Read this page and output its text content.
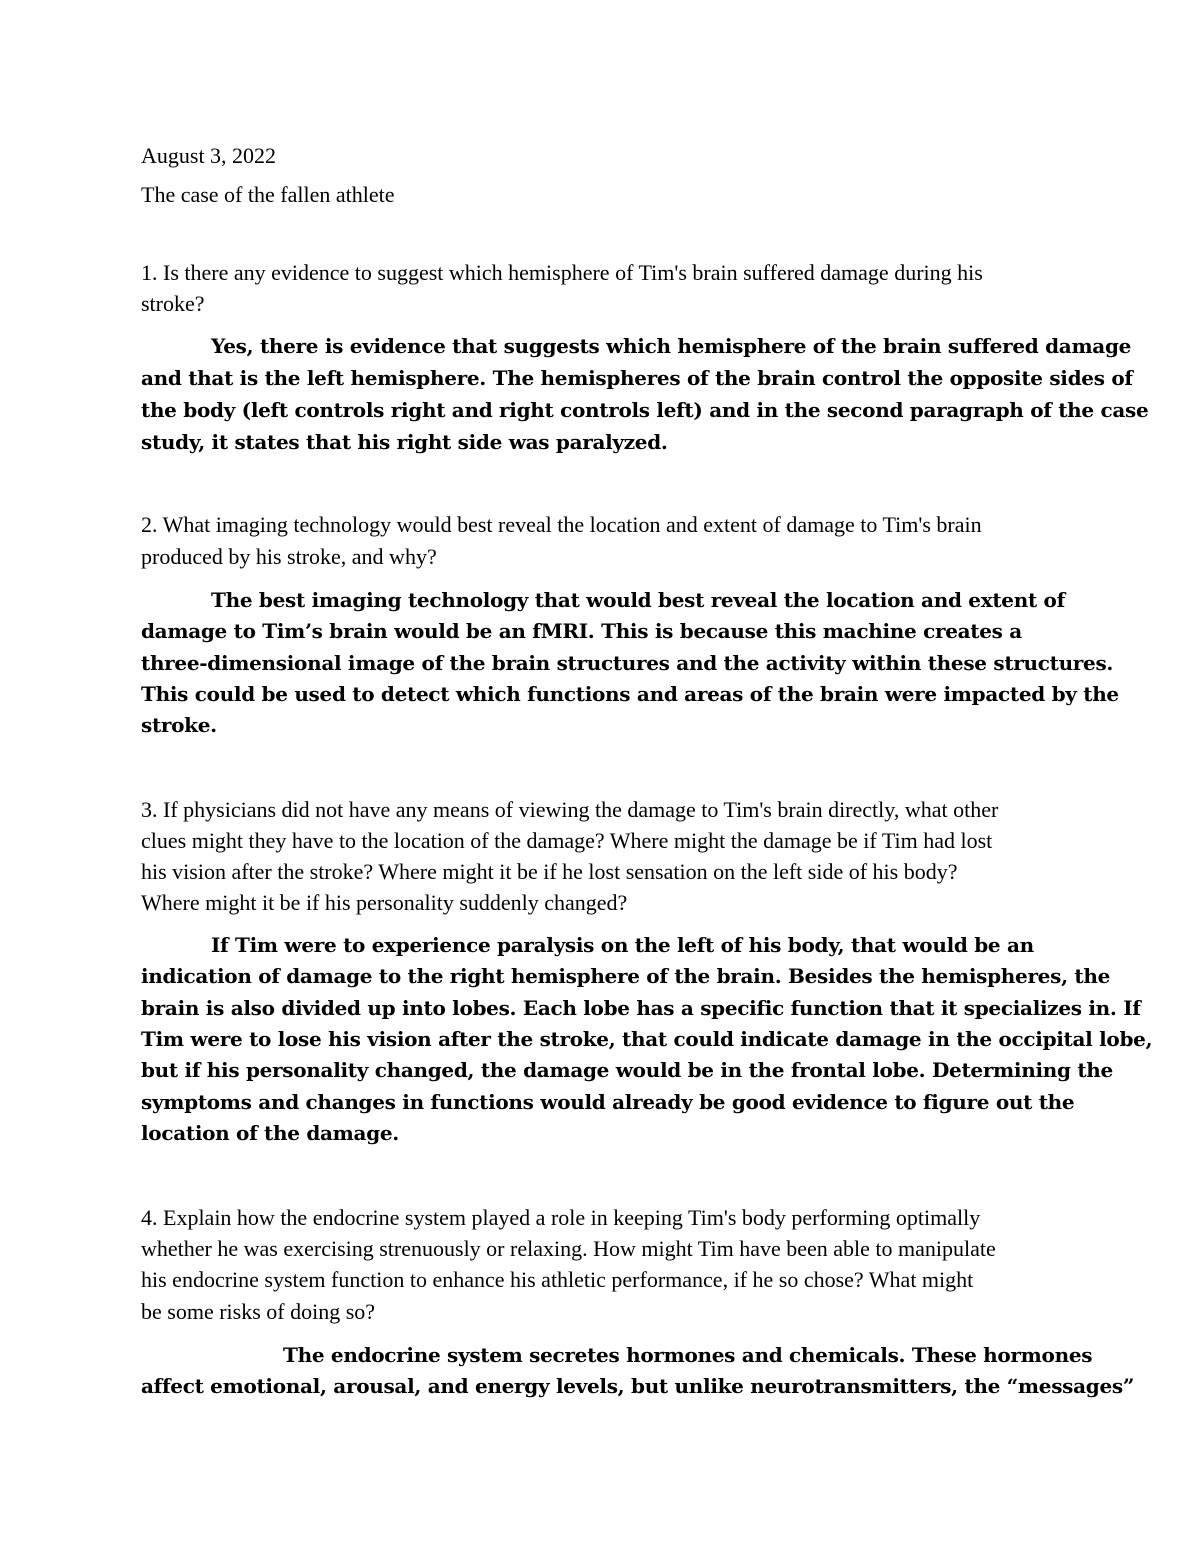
August 3, 2022
The case of the fallen athlete
1. Is there any evidence to suggest which hemisphere of Tim's brain suffered damage during his
stroke?
Yes, there is evidence that suggests which hemisphere of the brain suffered damage
and that is the left hemisphere. The hemispheres of the brain control the opposite sides of
the body (left controls right and right controls left) and in the second paragraph of the case
study, it states that his right side was paralyzed.
2. What imaging technology would best reveal the location and extent of damage to Tim's brain
produced by his stroke, and why?
The best imaging technology that would best reveal the location and extent of
damage to Tim’s brain would be an fMRI. This is because this machine creates a
three-dimensional image of the brain structures and the activity within these structures.
This could be used to detect which functions and areas of the brain were impacted by the
stroke.
3. If physicians did not have any means of viewing the damage to Tim's brain directly, what other
clues might they have to the location of the damage? Where might the damage be if Tim had lost
his vision after the stroke? Where might it be if he lost sensation on the left side of his body?
Where might it be if his personality suddenly changed?
If Tim were to experience paralysis on the left of his body, that would be an
indication of damage to the right hemisphere of the brain. Besides the hemispheres, the
brain is also divided up into lobes. Each lobe has a specific function that it specializes in. If
Tim were to lose his vision after the stroke, that could indicate damage in the occipital lobe,
but if his personality changed, the damage would be in the frontal lobe. Determining the
symptoms and changes in functions would already be good evidence to figure out the
location of the damage.
4. Explain how the endocrine system played a role in keeping Tim's body performing optimally
whether he was exercising strenuously or relaxing. How might Tim have been able to manipulate
his endocrine system function to enhance his athletic performance, if he so chose? What might
be some risks of doing so?
The endocrine system secretes hormones and chemicals. These hormones
affect emotional, arousal, and energy levels, but unlike neurotransmitters, the “messages”
